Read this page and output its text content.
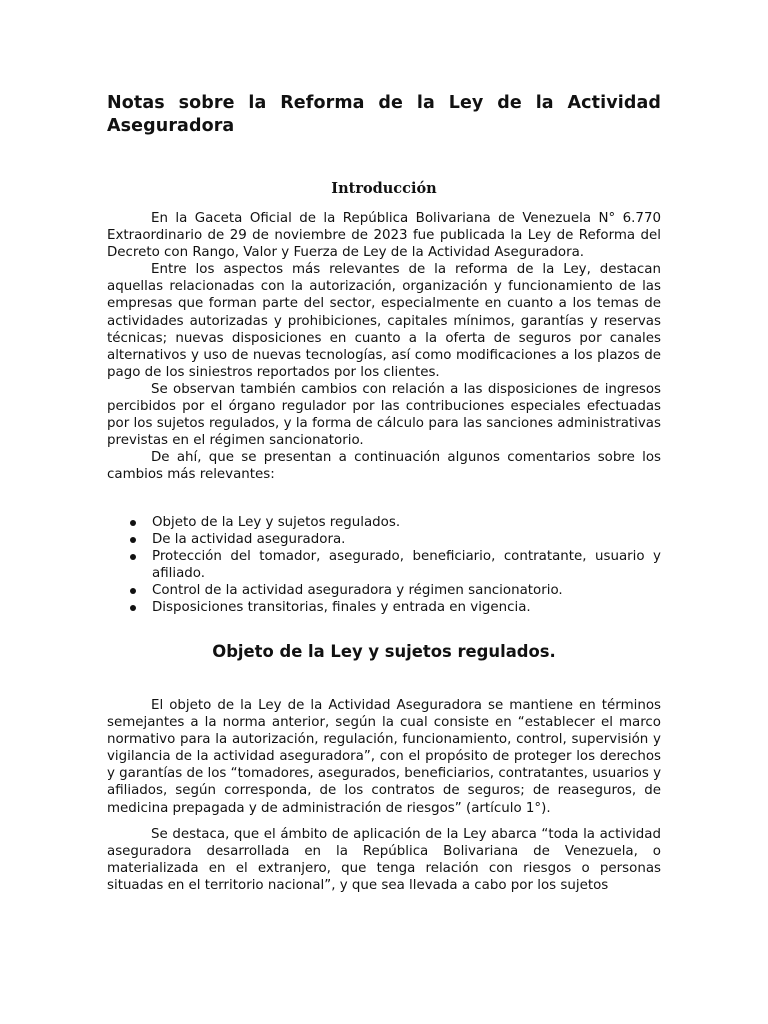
Notas sobre la Reforma de la Ley de la Actividad Aseguradora
Introducción

En la Gaceta Oficial de la República Bolivariana de Venezuela N° 6.770 Extraordinario de 29 de noviembre de 2023 fue publicada la Ley de Reforma del Decreto con Rango, Valor y Fuerza de Ley de la Actividad Aseguradora.

Entre los aspectos más relevantes de la reforma de la Ley, destacan aquellas relacionadas con la autorización, organización y funcionamiento de las empresas que forman parte del sector, especialmente en cuanto a los temas de actividades autorizadas y prohibiciones, capitales mínimos, garantías y reservas técnicas; nuevas disposiciones en cuanto a la oferta de seguros por canales alternativos y uso de nuevas tecnologías, así como modificaciones a los plazos de pago de los siniestros reportados por los clientes.

Se observan también cambios con relación a las disposiciones de ingresos percibidos por el órgano regulador por las contribuciones especiales efectuadas por los sujetos regulados, y la forma de cálculo para las sanciones administrativas previstas en el régimen sancionatorio.

De ahí, que se presentan a continuación algunos comentarios sobre los cambios más relevantes:

Objeto de la Ley y sujetos regulados.
De la actividad aseguradora.
Protección del tomador, asegurado, beneficiario, contratante, usuario y afiliado.
Control de la actividad aseguradora y régimen sancionatorio.
Disposiciones transitorias, finales y entrada en vigencia.
Objeto de la Ley y sujetos regulados.

El objeto de la Ley de la Actividad Aseguradora se mantiene en términos semejantes a la norma anterior, según la cual consiste en “establecer el marco normativo para la autorización, regulación, funcionamiento, control, supervisión y vigilancia de la actividad aseguradora”, con el propósito de proteger los derechos y garantías de los “tomadores, asegurados, beneficiarios, contratantes, usuarios y afiliados, según corresponda, de los contratos de seguros; de reaseguros, de medicina prepagada y de administración de riesgos” (artículo 1°).

Se destaca, que el ámbito de aplicación de la Ley abarca “toda la actividad aseguradora desarrollada en la República Bolivariana de Venezuela, o materializada en el extranjero, que tenga relación con riesgos o personas situadas en el territorio nacional”, y que sea llevada a cabo por los sujetos
